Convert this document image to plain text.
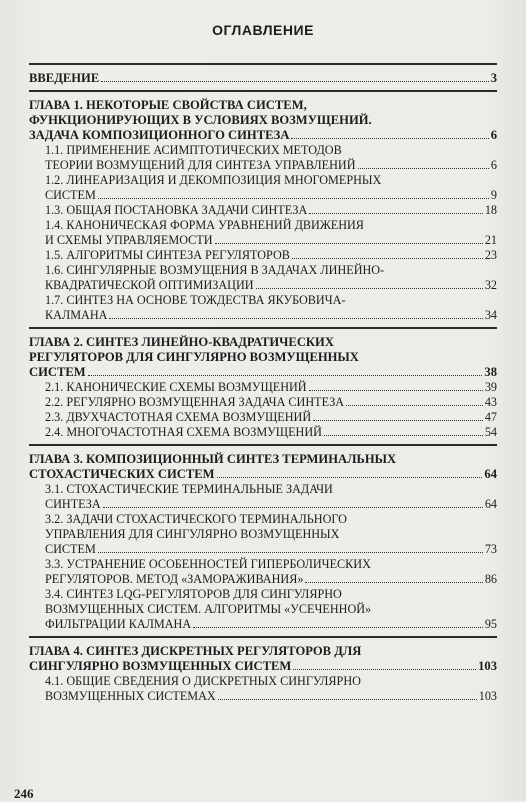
ОГЛАВЛЕНИЕ
ВВЕДЕНИЕ	3
ГЛАВА 1. НЕКОТОРЫЕ СВОЙСТВА СИСТЕМ,
ФУНКЦИОНИРУЮЩИХ В УСЛОВИЯХ ВОЗМУЩЕНИЙ.
ЗАДАЧА КОМПОЗИЦИОННОГО СИНТЕЗА	6
1.1. ПРИМЕНЕНИЕ АСИМПТОТИЧЕСКИХ МЕТОДОВ
ТЕОРИИ ВОЗМУЩЕНИЙ ДЛЯ СИНТЕЗА УПРАВЛЕНИЙ	6
1.2. ЛИНЕАРИЗАЦИЯ И ДЕКОМПОЗИЦИЯ МНОГОМЕРНЫХ
СИСТЕМ	9
1.3. ОБЩАЯ ПОСТАНОВКА ЗАДАЧИ СИНТЕЗА	18
1.4. КАНОНИЧЕСКАЯ ФОРМА УРАВНЕНИЙ ДВИЖЕНИЯ
И СХЕМЫ УПРАВЛЯЕМОСТИ	21
1.5. АЛГОРИТМЫ СИНТЕЗА РЕГУЛЯТОРОВ	23
1.6. СИНГУЛЯРНЫЕ ВОЗМУЩЕНИЯ В ЗАДАЧАХ ЛИНЕЙНО-
КВАДРАТИЧЕСКОЙ ОПТИМИЗАЦИИ	32
1.7. СИНТЕЗ НА ОСНОВЕ ТОЖДЕСТВА ЯКУБОВИЧА-
КАЛМАНА	34
ГЛАВА 2. СИНТЕЗ ЛИНЕЙНО-КВАДРАТИЧЕСКИХ
РЕГУЛЯТОРОВ ДЛЯ СИНГУЛЯРНО ВОЗМУЩЕННЫХ
СИСТЕМ	38
2.1. КАНОНИЧЕСКИЕ СХЕМЫ ВОЗМУЩЕНИЙ	39
2.2. РЕГУЛЯРНО ВОЗМУЩЕННАЯ ЗАДАЧА СИНТЕЗА	43
2.3. ДВУХЧАСТОТНАЯ СХЕМА ВОЗМУЩЕНИЙ	47
2.4. МНОГОЧАСТОТНАЯ СХЕМА ВОЗМУЩЕНИЙ	54
ГЛАВА 3. КОМПОЗИЦИОННЫЙ СИНТЕЗ ТЕРМИНАЛЬНЫХ
СТОХАСТИЧЕСКИХ СИСТЕМ	64
3.1. СТОХАСТИЧЕСКИЕ ТЕРМИНАЛЬНЫЕ ЗАДАЧИ
СИНТЕЗА	64
3.2. ЗАДАЧИ СТОХАСТИЧЕСКОГО ТЕРМИНАЛЬНОГО
УПРАВЛЕНИЯ ДЛЯ СИНГУЛЯРНО ВОЗМУЩЕННЫХ
СИСТЕМ	73
3.3. УСТРАНЕНИЕ ОСОБЕННОСТЕЙ ГИПЕРБОЛИЧЕСКИХ
РЕГУЛЯТОРОВ. МЕТОД «ЗАМОРАЖИВАНИЯ»	86
3.4. СИНТЕЗ LQG-РЕГУЛЯТОРОВ ДЛЯ СИНГУЛЯРНО
ВОЗМУЩЕННЫХ СИСТЕМ. АЛГОРИТМЫ «УСЕЧЕННОЙ»
ФИЛЬТРАЦИИ КАЛМАНА	95
ГЛАВА 4. СИНТЕЗ ДИСКРЕТНЫХ РЕГУЛЯТОРОВ ДЛЯ
СИНГУЛЯРНО ВОЗМУЩЕННЫХ СИСТЕМ	103
4.1. ОБЩИЕ СВЕДЕНИЯ О ДИСКРЕТНЫХ СИНГУЛЯРНО
ВОЗМУЩЕННЫХ СИСТЕМАХ	103
246
